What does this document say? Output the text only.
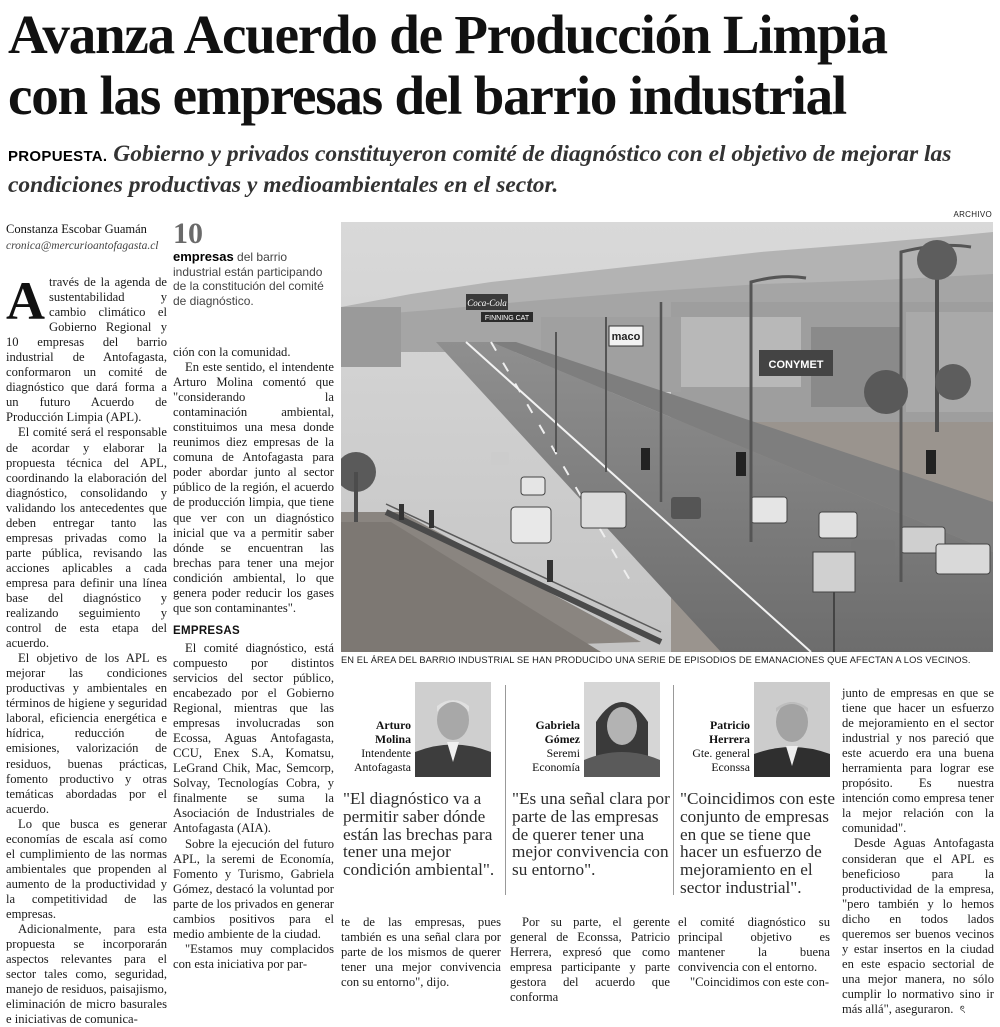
Avanza Acuerdo de Producción Limpia
con las empresas del barrio industrial
PROPUESTA. Gobierno y privados constituyeron comité de diagnóstico con el objetivo de mejorar las condiciones productivas y medioambientales en el sector.
Constanza Escobar Guamán
cronica@mercurioantofagasta.cl 10
empresas del barrio industrial están participando de la constitución del comité de diagnóstico.

Através de la agenda de sustentabilidad y cambio climático el Gobierno Regional y 10 empresas del barrio industrial de Antofagasta, conformaron un comité de diagnóstico que dará forma a un futuro Acuerdo de Producción Limpia (APL).

El comité será el responsable de acordar y elaborar la propuesta técnica del APL, coordinando la elaboración del diagnóstico, consolidando y validando los antecedentes que deben entregar tanto las empresas privadas como la parte pública, revisando las acciones aplicables a cada empresa para definir una línea base del diagnóstico y realizando seguimiento y control de esta etapa del acuerdo.

El objetivo de los APL es mejorar las condiciones productivas y ambientales en términos de higiene y seguridad laboral, eficiencia energética e hídrica, reducción de emisiones, valorización de residuos, buenas prácticas, fomento productivo y otras temáticas abordadas por el acuerdo.

Lo que busca es generar economías de escala así como el cumplimiento de las normas ambientales que propenden al aumento de la productividad y la competitividad de las empresas.

Adicionalmente, para esta propuesta se incorporarán aspectos relevantes para el sector tales como, seguridad, manejo de residuos, paisajismo, eliminación de micro basurales e iniciativas de comunica-

ción con la comunidad.

En este sentido, el intendente Arturo Molina comentó que "considerando la contaminación ambiental, constituimos una mesa donde reunimos diez empresas de la comuna de Antofagasta para poder abordar junto al sector público de la región, el acuerdo de producción limpia, que tiene que ver con un diagnóstico inicial que va a permitir saber dónde se encuentran las brechas para tener una mejor condición ambiental, lo que genera poder reducir los gases que son contaminantes".

EMPRESAS

El comité diagnóstico, está compuesto por distintos servicios del sector público, encabezado por el Gobierno Regional, mientras que las empresas involucradas son Ecossa, Aguas Antofagasta, CCU, Enex S.A, Komatsu, LeGrand Chik, Mac, Semcorp, Solvay, Tecnologías Cobra, y finalmente se suma la Asociación de Industriales de Antofagasta (AIA).

Sobre la ejecución del futuro APL, la seremi de Economía, Fomento y Turismo, Gabriela Gómez, destacó la voluntad por parte de los privados en generar cambios positivos para el medio ambiente de la ciudad.

"Estamos muy complacidos con esta iniciativa por par-

ARCHIVO
Coca-Cola
FINNING CAT
maco
CONYMET
EN EL ÁREA DEL BARRIO INDUSTRIAL SE HAN PRODUCIDO UNA SERIE DE EPISODIOS DE EMANACIONES QUE AFECTAN A LOS VECINOS.
Arturo
Molina
Intendente
Antofagasta
"El diagnóstico va a permitir saber dónde están las brechas para tener una mejor condición ambiental".
Gabriela
Gómez
Seremi
Economía
"Es una señal clara por parte de las empresas de querer tener una mejor convivencia con su entorno".
Patricio
Herrera
Gte. general
Econssa
"Coincidimos con este conjunto de empresas en que se tiene que hacer un esfuerzo de mejoramiento en el sector industrial".

te de las empresas, pues también es una señal clara por parte de los mismos de querer tener una mejor convivencia con su entorno", dijo.

Por su parte, el gerente general de Econssa, Patricio Herrera, expresó que como empresa participante y parte gestora del acuerdo que conforma

el comité diagnóstico su principal objetivo es mantener la buena convivencia con el entorno.

"Coincidimos con este con-

junto de empresas en que se tiene que hacer un esfuerzo de mejoramiento en el sector industrial y nos pareció que este acuerdo era una buena herramienta para lograr ese propósito. Es nuestra intención como empresa tener la mejor relación con la comunidad".

Desde Aguas Antofagasta consideran que el APL es beneficioso para la productividad de la empresa, "pero también y lo hemos dicho en todos lados queremos ser buenos vecinos y estar insertos en la ciudad en este espacio sectorial de una mejor manera, no sólo cumplir lo normativo sino ir más allá", aseguraron. ৎ
